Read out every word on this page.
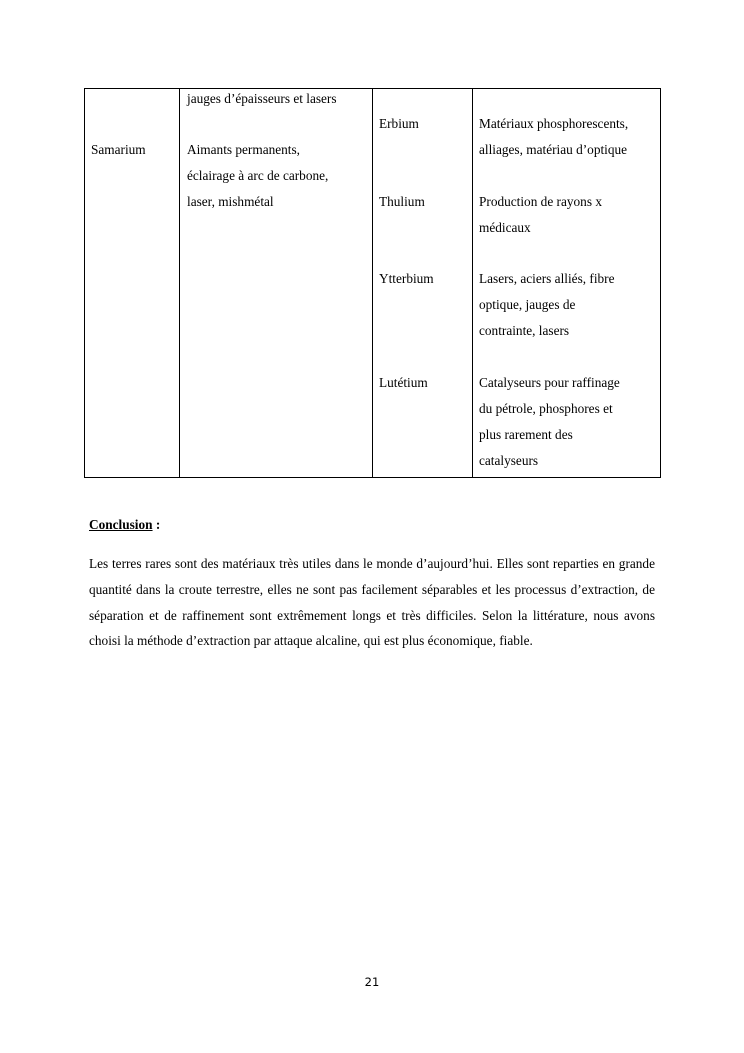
Samarium
jauges d’épaisseurs et lasers
Aimants permanents,
éclairage à arc de carbone,
laser, mishmétal
Erbium
Thulium
Ytterbium
Lutétium
Matériaux phosphorescents,
alliages, matériau d’optique
Production de rayons x
médicaux
Lasers, aciers alliés, fibre
optique, jauges de
contrainte, lasers
Catalyseurs pour raffinage
du pétrole, phosphores et
plus rarement des
catalyseurs
Conclusion :
Les terres rares sont des matériaux très utiles dans le monde d’aujourd’hui. Elles sont reparties en grande quantité dans la croute terrestre, elles ne sont pas facilement séparables et les processus d’extraction, de séparation et de raffinement sont extrêmement longs et très difficiles. Selon la littérature, nous avons choisi la méthode d’extraction par attaque alcaline, qui est plus économique, fiable.
21
